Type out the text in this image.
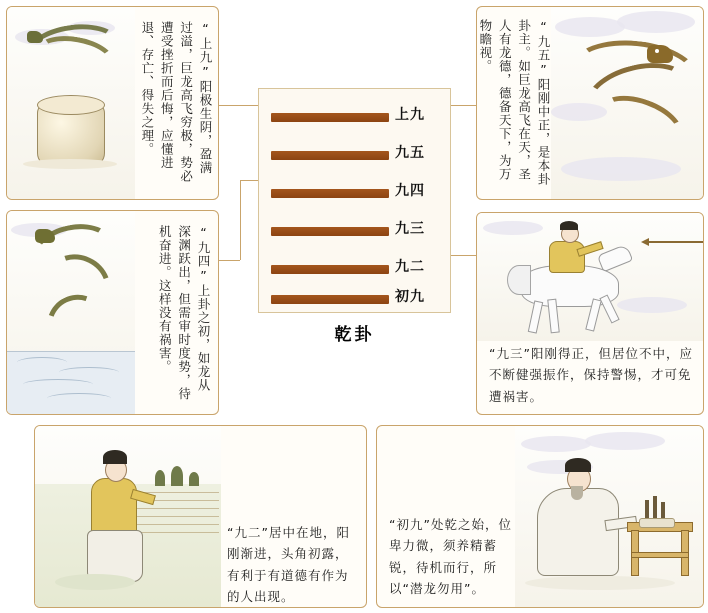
上九
九五
九四
九三
九二
初九
乾卦
“上九”阳极生阴，盈满过溢，巨龙高飞穷极，势必遭受挫折而后悔，应懂进退、存亡、得失之理。	“九五”阳刚中正，是本卦卦主。如巨龙高飞在天，圣人有龙德，德备天下，为万物瞻视。
“九四”上卦之初，如龙从深渊跃出，但需审时度势，待机奋进。这样没有祸害。	“九三”阳刚得正，但居位不中，应不断健强振作，保持警惕，才可免遭祸害。
“九二”居中在地，阳刚渐进，头角初露，有利于有道德有作为的人出现。
“初九”处乾之始，位卑力微，须养精蓄锐，待机而行，所以“潜龙勿用”。
